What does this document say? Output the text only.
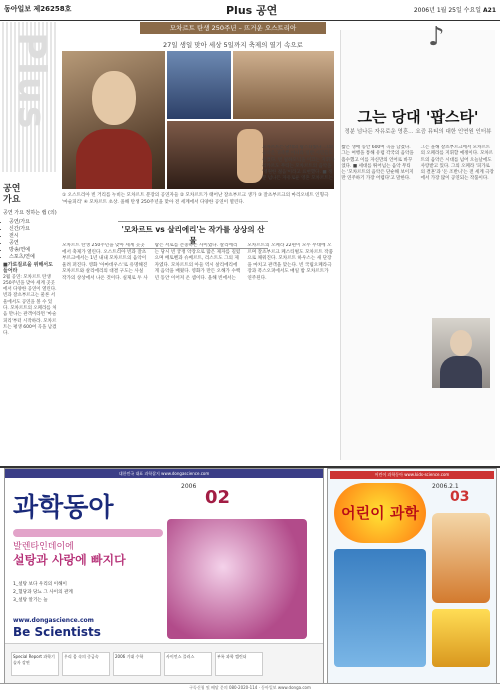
동아일보 제26258호	Plus 공연	2006년 1월 25일 수요일 A21
Plus
공연
가요
공연 가요 정하는 랩 (의)
• 공연/가요
• 신간/가요
• 전시
• 공연
• 방송/연예
• 스포츠/연예
■가로질르을 위해서도 들어라
2월 공연: 모차르트 탄생 250주년을 맞아 세계 곳곳에서 다양한 공연이 열린다. 빈과 잘츠부르크는 물론 서울에서도 공연을 볼 수 있다. 모차르트의 오페라를 처음 만나는 관객이라면 '마술피리'부터 시작하라. 모차르트는 평생 600여 곡을 남겼다.
모차르트 탄생 250주년 – 뜨거운 오스트리아
27일 생일 맞아 세상 5일까지 축제의 열기 속으로
① 오스트리아 빈 거리를 누비는 모차르트 분장의 공연자들 ② 모차르트가 태어난 잘츠부르크 생가 ③ 잘츠부르크의 마리오네트 인형극 '마술피리' ④ 모차르트 초상. 올해 탄생 250주년을 맞아 전 세계에서 다양한 공연이 열린다.
'모차르트 vs 살리에리'는 작가를 상상의 산물
모차르트 탄생 250주년을 맞아 세계 곳곳에서 축제가 열린다. 오스트리아 빈과 잘츠부르크에서는 1년 내내 모차르트의 음악이 울려 퍼진다. 영화 '아마데우스'로 유명해진 모차르트와 살리에리의 대결 구도는 사실 작가의 상상에서 나온 것이다. 실제로 두 사람은 서로를 존중하는 사이였다. 살리에리는 당시 빈 궁정 악장으로 많은 제자를 길렀으며 베토벤과 슈베르트, 리스트도 그의 제자였다. 모차르트의 아들 역시 살리에리에게 음악을 배웠다. 영화가 만든 오해가 수백 년 동안 이어져 온 셈이다. 올해 빈에서는 모차르트의 오페라 22편이 모두 무대에 오르며 잘츠부르크 페스티벌도 모차르트 작품으로 채워진다. 모차르트 하우스는 새 단장을 마치고 관객을 맞는다. 빈 국립오페라극장과 폭스오퍼에서도 매일 밤 모차르트가 연주된다.
♪
그는 당대 '팝스타'
정분 넘나든 자유로운 영혼… 요즘 뮤티의 대한 인연원 인터뷰
모차르트는 당대의 팝스타였다. 그의 음악은 귀족뿐 아니라 일반 시민들도 즐겼다. 빈 필하모닉을 이끄는 지휘자 리카르도 무티는 모차르트의 음악을 '영원한 젊음'이라고 표현했다. ■ 정분 넘나든 자유로운 영혼 모차르트는 짧은 생애 동안 600여 곡을 남겼다. 그는 여행을 통해 유럽 각국의 음악을 흡수했고 이를 자신만의 언어로 바꾸었다. ■ 세대를 뛰어넘는 음악 무티는 '모차르트의 음악은 단순해 보이지만 연주하기 가장 어렵다'고 말한다. 그는 올해 잘츠부르크에서 모차르트의 오페라를 지휘할 예정이다. 모차르트의 음악은 시대를 넘어 오늘날에도 사랑받고 있다. 그의 오페라 '피가로의 결혼'과 '돈 조반니'는 전 세계 극장에서 가장 많이 공연되는 작품이다.
대한민국 대표 과학잡지 www.dongascience.com
과학동아
2006
02
발렌타인데이에
설탕과 사랑에 빠지다
1_설탕 보다 우리의 이해이
2_혈당과 당뇨 그 사이의 관계
3_설탕 알기는 늘
www.dongascience.com
Be Scientists
Special Report 과학기술자 강연
우리 몸 속의 중금속	2006 기대 수학	사이언스 플러스	부록 과학 캘린더
어린이 과학동아 www.kids-science.com
어린이 과학
2006.2.1
03
구독신청 및 배달 문의 080-2020-114 · 동아일보 www.donga.com
